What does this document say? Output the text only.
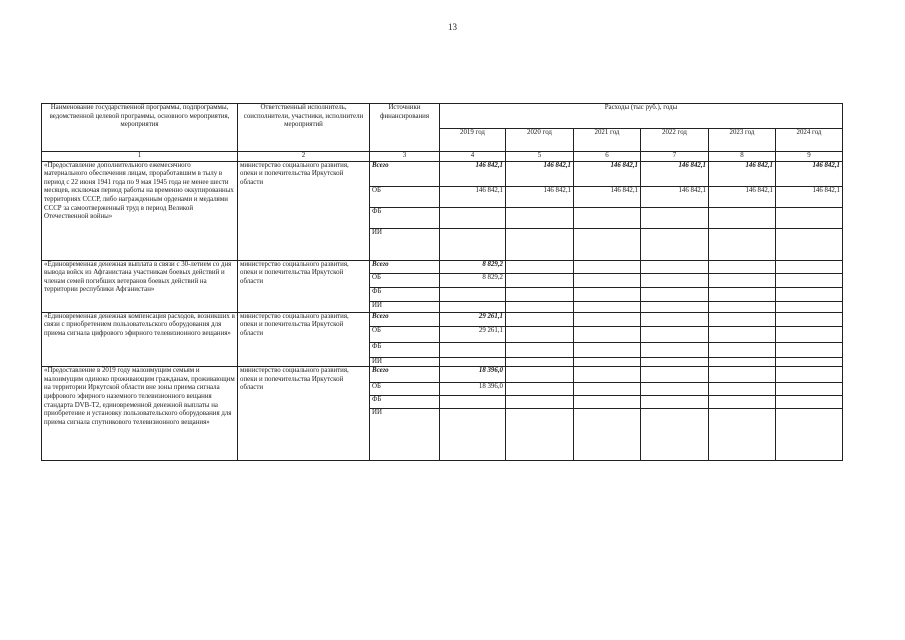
13
Наименование государственной программы, подпрограммы, ведомственной целевой программы, основного мероприятия, мероприятия	Ответственный исполнитель, соисполнители, участники, исполнители мероприятий	Источники финансирования	Расходы (тыс руб.), годы					
			2019 год	2020 год	2021 год	2022 год	2023 год	2024 год
1	2	3	4	5	6	7	8	9
«Предоставление дополнительного ежемесячного материального обеспечения лицам, проработавшим в тылу в период с 22 июня 1941 года по 9 мая 1945 года не менее шести месяцев, исключая период работы на временно оккупированных территориях СССР, либо награжденным орденами и медалями СССР за самоотверженный труд в период Великой Отечественной войны»	министерство социального развития, опеки и попечительства Иркутской области	Всего	146 842,1	146 842,1	146 842,1	146 842,1	146 842,1	146 842,1
		ОБ	146 842,1	146 842,1	146 842,1	146 842,1	146 842,1	146 842,1
		ФБ						
		ИИ						
«Единовременная денежная выплата в связи с 30-летием со дня вывода войск из Афганистана участникам боевых действий и членам семей погибших ветеранов боевых действий на территории республики Афганистан»	министерство социального развития, опеки и попечительства Иркутской области	Всего	8 829,2					
		ОБ	8 829,2					
		ФБ						
		ИИ						
«Единовременная денежная компенсация расходов, возникших в связи с приобретением пользовательского оборудования для приема сигнала цифрового эфирного телевизионного вещания»	министерство социального развития, опеки и попечительства Иркутской области	Всего	29 261,1					
		ОБ	29 261,1					
		ФБ						
		ИИ						
«Предоставление в 2019 году малоимущим семьям и малоимущим одиноко проживающим гражданам, проживающим на территории Иркутской области вне зоны приема сигнала цифрового эфирного наземного телевизионного вещания стандарта DVB-T2, единовременной денежной выплаты на приобретение и установку пользовательского оборудования для приема сигнала спутникового телевизионного вещания»	министерство социального развития, опеки и попечительства Иркутской области	Всего	18 396,0					
		ОБ	18 396,0					
		ФБ						
		ИИ						
